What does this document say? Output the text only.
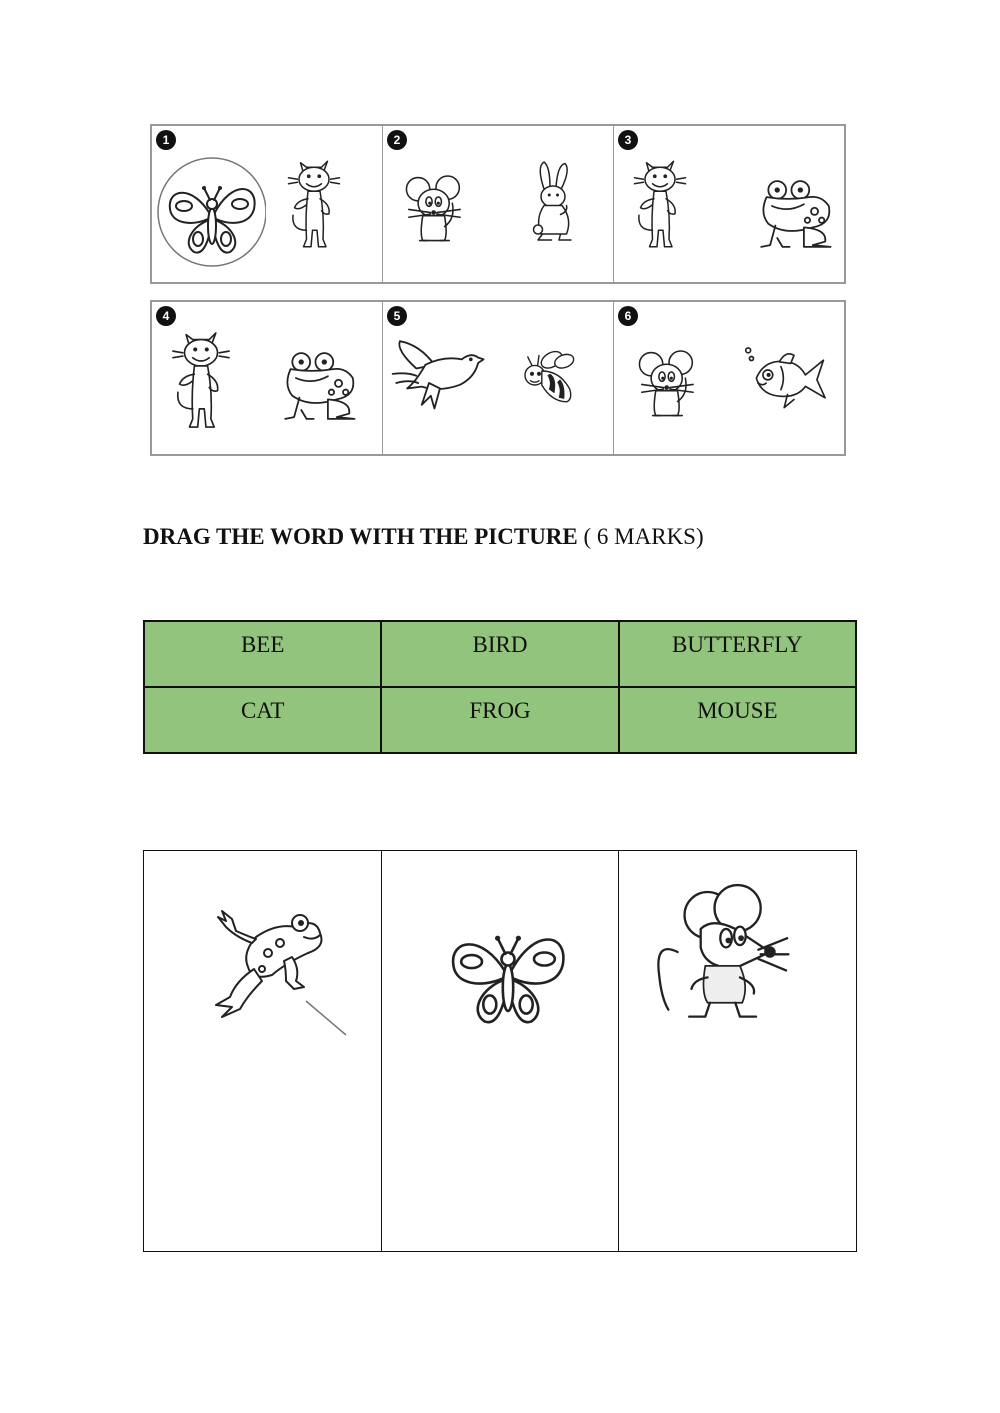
1	2	3
4	5	6
DRAG THE WORD WITH THE PICTURE ( 6 MARKS)
BEE	BIRD	BUTTERFLY
CAT	FROG	MOUSE
